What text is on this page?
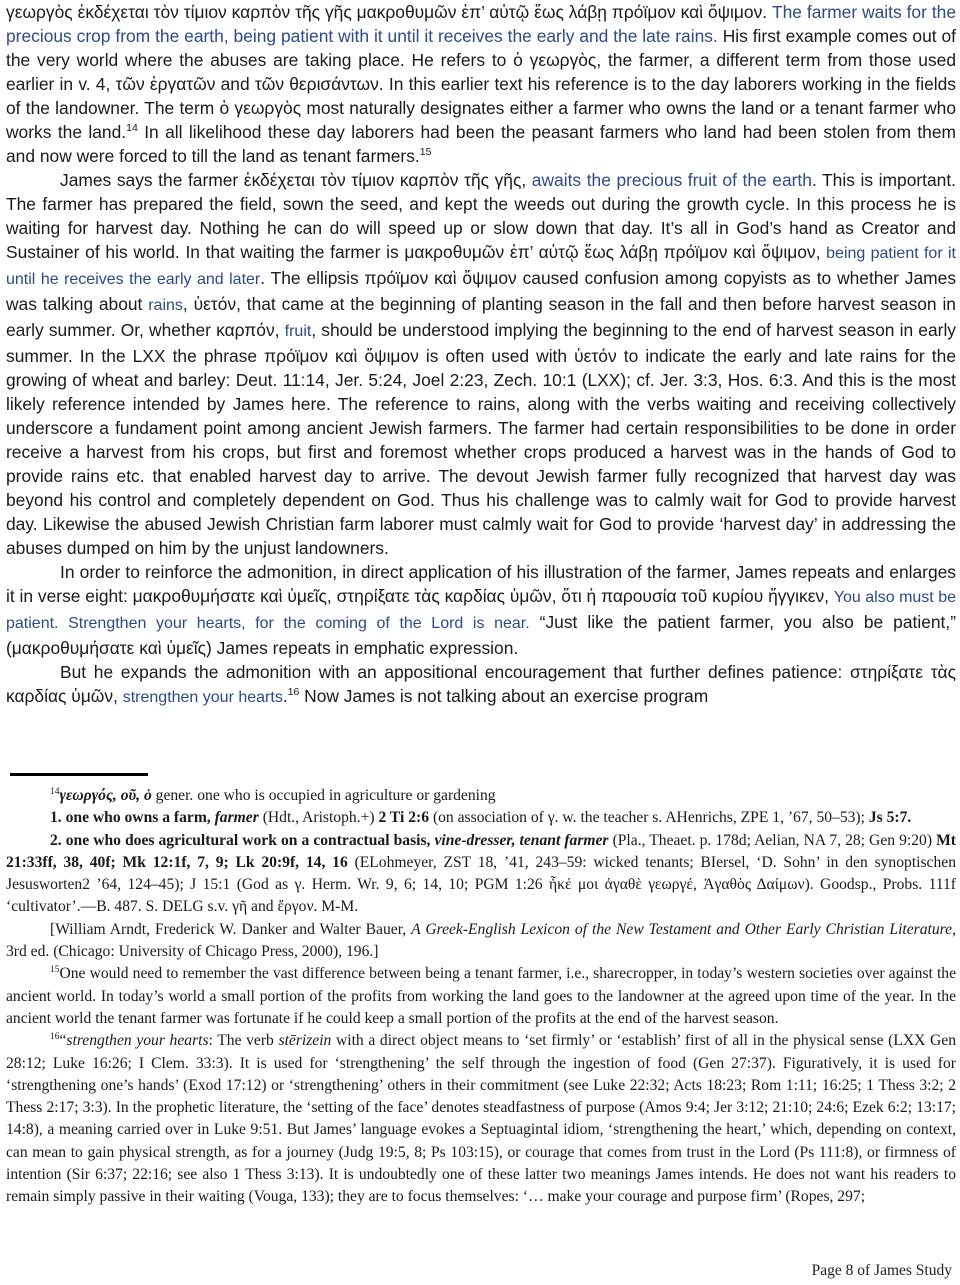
γεωργὸς ἐκδέχεται τὸν τίμιον καρπὸν τῆς γῆς μακροθυμῶν ἐπ’ αὐτῷ ἕως λάβῃ πρόϊμον καὶ ὄψιμον. The farmer waits for the precious crop from the earth, being patient with it until it receives the early and the late rains. His first example comes out of the very world where the abuses are taking place. He refers to ὁ γεωργὸς, the farmer, a different term from those used earlier in v. 4, τῶν ἐργατῶν and τῶν θερισάντων. In this earlier text his reference is to the day laborers working in the fields of the landowner. The term ὁ γεωργὸς most naturally designates either a farmer who owns the land or a tenant farmer who works the land.$^{14}$ In all likelihood these day laborers had been the peasant farmers who land had been stolen from them and now were forced to till the land as tenant farmers.$^{15}$

James says the farmer ἐκδέχεται τὸν τίμιον καρπὸν τῆς γῆς, awaits the precious fruit of the earth. This is important. The farmer has prepared the field, sown the seed, and kept the weeds out during the growth cycle. In this process he is waiting for harvest day. Nothing he can do will speed up or slow down that day. It’s all in God’s hand as Creator and Sustainer of his world. In that waiting the farmer is μακροθυμῶν ἐπ’ αὐτῷ ἕως λάβῃ πρόϊμον καὶ ὄψιμον, being patient for it until he receives the early and later. The ellipsis πρόϊμον καὶ ὄψιμον caused confusion among copyists as to whether James was talking about rains, ὑετόν, that came at the beginning of planting season in the fall and then before harvest season in early summer. Or, whether καρπόν, fruit, should be understood implying the beginning to the end of harvest season in early summer. In the LXX the phrase πρόϊμον καὶ ὄψιμον is often used with ὑετόν to indicate the early and late rains for the growing of wheat and barley: Deut. 11:14, Jer. 5:24, Joel 2:23, Zech. 10:1 (LXX); cf. Jer. 3:3, Hos. 6:3. And this is the most likely reference intended by James here. The reference to rains, along with the verbs waiting and receiving collectively underscore a fundament point among ancient Jewish farmers. The farmer had certain responsibilities to be done in order receive a harvest from his crops, but first and foremost whether crops produced a harvest was in the hands of God to provide rains etc. that enabled harvest day to arrive. The devout Jewish farmer fully recognized that harvest day was beyond his control and completely dependent on God. Thus his challenge was to calmly wait for God to provide harvest day. Likewise the abused Jewish Christian farm laborer must calmly wait for God to provide ‘harvest day’ in addressing the abuses dumped on him by the unjust landowners.

In order to reinforce the admonition, in direct application of his illustration of the farmer, James repeats and enlarges it in verse eight: μακροθυμήσατε καὶ ὑμεῖς, στηρίξατε τὰς καρδίας ὑμῶν, ὅτι ἡ παρουσία τοῦ κυρίου ἤγγικεν, You also must be patient. Strengthen your hearts, for the coming of the Lord is near. “Just like the patient farmer, you also be patient,” (μακροθυμήσατε καὶ ὑμεῖς) James repeats in emphatic expression.

But he expands the admonition with an appositional encouragement that further defines patience: στηρίξατε τὰς καρδίας ὑμῶν, strengthen your hearts.$^{16}$ Now James is not talking about an exercise program

$^{14}$γεωργός, οῦ, ὁ gener. one who is occupied in agriculture or gardening

1. one who owns a farm, farmer (Hdt., Aristoph.+) 2 Ti 2:6 (on association of γ. w. the teacher s. AHenrichs, ZPE 1, ’67, 50–53); Js 5:7.

2. one who does agricultural work on a contractual basis, vine-dresser, tenant farmer (Pla., Theaet. p. 178d; Aelian, NA 7, 28; Gen 9:20) Mt 21:33ff, 38, 40f; Mk 12:1f, 7, 9; Lk 20:9f, 14, 16 (ELohmeyer, ZST 18, ’41, 243–59: wicked tenants; BIersel, ‘D. Sohn’ in den synoptischen Jesusworten2 ’64, 124–45); J 15:1 (God as γ. Herm. Wr. 9, 6; 14, 10; PGM 1:26 ἧκέ μοι ἀγαθὲ γεωργέ, Ἀγαθὸς Δαίμων). Goodsp., Probs. 111f ‘cultivator’.—B. 487. S. DELG s.v. γῆ and ἔργον. M-M.

[William Arndt, Frederick W. Danker and Walter Bauer, A Greek-English Lexicon of the New Testament and Other Early Christian Literature, 3rd ed. (Chicago: University of Chicago Press, 2000), 196.]

$^{15}$One would need to remember the vast difference between being a tenant farmer, i.e., sharecropper, in today’s western societies over against the ancient world. In today’s world a small portion of the profits from working the land goes to the landowner at the agreed upon time of the year. In the ancient world the tenant farmer was fortunate if he could keep a small portion of the profits at the end of the harvest season.

$^{16}$“strengthen your hearts: The verb stērizein with a direct object means to ‘set firmly’ or ‘establish’ first of all in the physical sense (LXX Gen 28:12; Luke 16:26; I Clem. 33:3). It is used for ‘strengthening’ the self through the ingestion of food (Gen 27:37). Figuratively, it is used for ‘strengthening one’s hands’ (Exod 17:12) or ‘strengthening’ others in their commitment (see Luke 22:32; Acts 18:23; Rom 1:11; 16:25; 1 Thess 3:2; 2 Thess 2:17; 3:3). In the prophetic literature, the ‘setting of the face’ denotes steadfastness of purpose (Amos 9:4; Jer 3:12; 21:10; 24:6; Ezek 6:2; 13:17; 14:8), a meaning carried over in Luke 9:51. But James’ language evokes a Septuagintal idiom, ‘strengthening the heart,’ which, depending on context, can mean to gain physical strength, as for a journey (Judg 19:5, 8; Ps 103:15), or courage that comes from trust in the Lord (Ps 111:8), or firmness of intention (Sir 6:37; 22:16; see also 1 Thess 3:13). It is undoubtedly one of these latter two meanings James intends. He does not want his readers to remain simply passive in their waiting (Vouga, 133); they are to focus themselves: ‘… make your courage and purpose firm’ (Ropes, 297;

Page 8 of James Study
